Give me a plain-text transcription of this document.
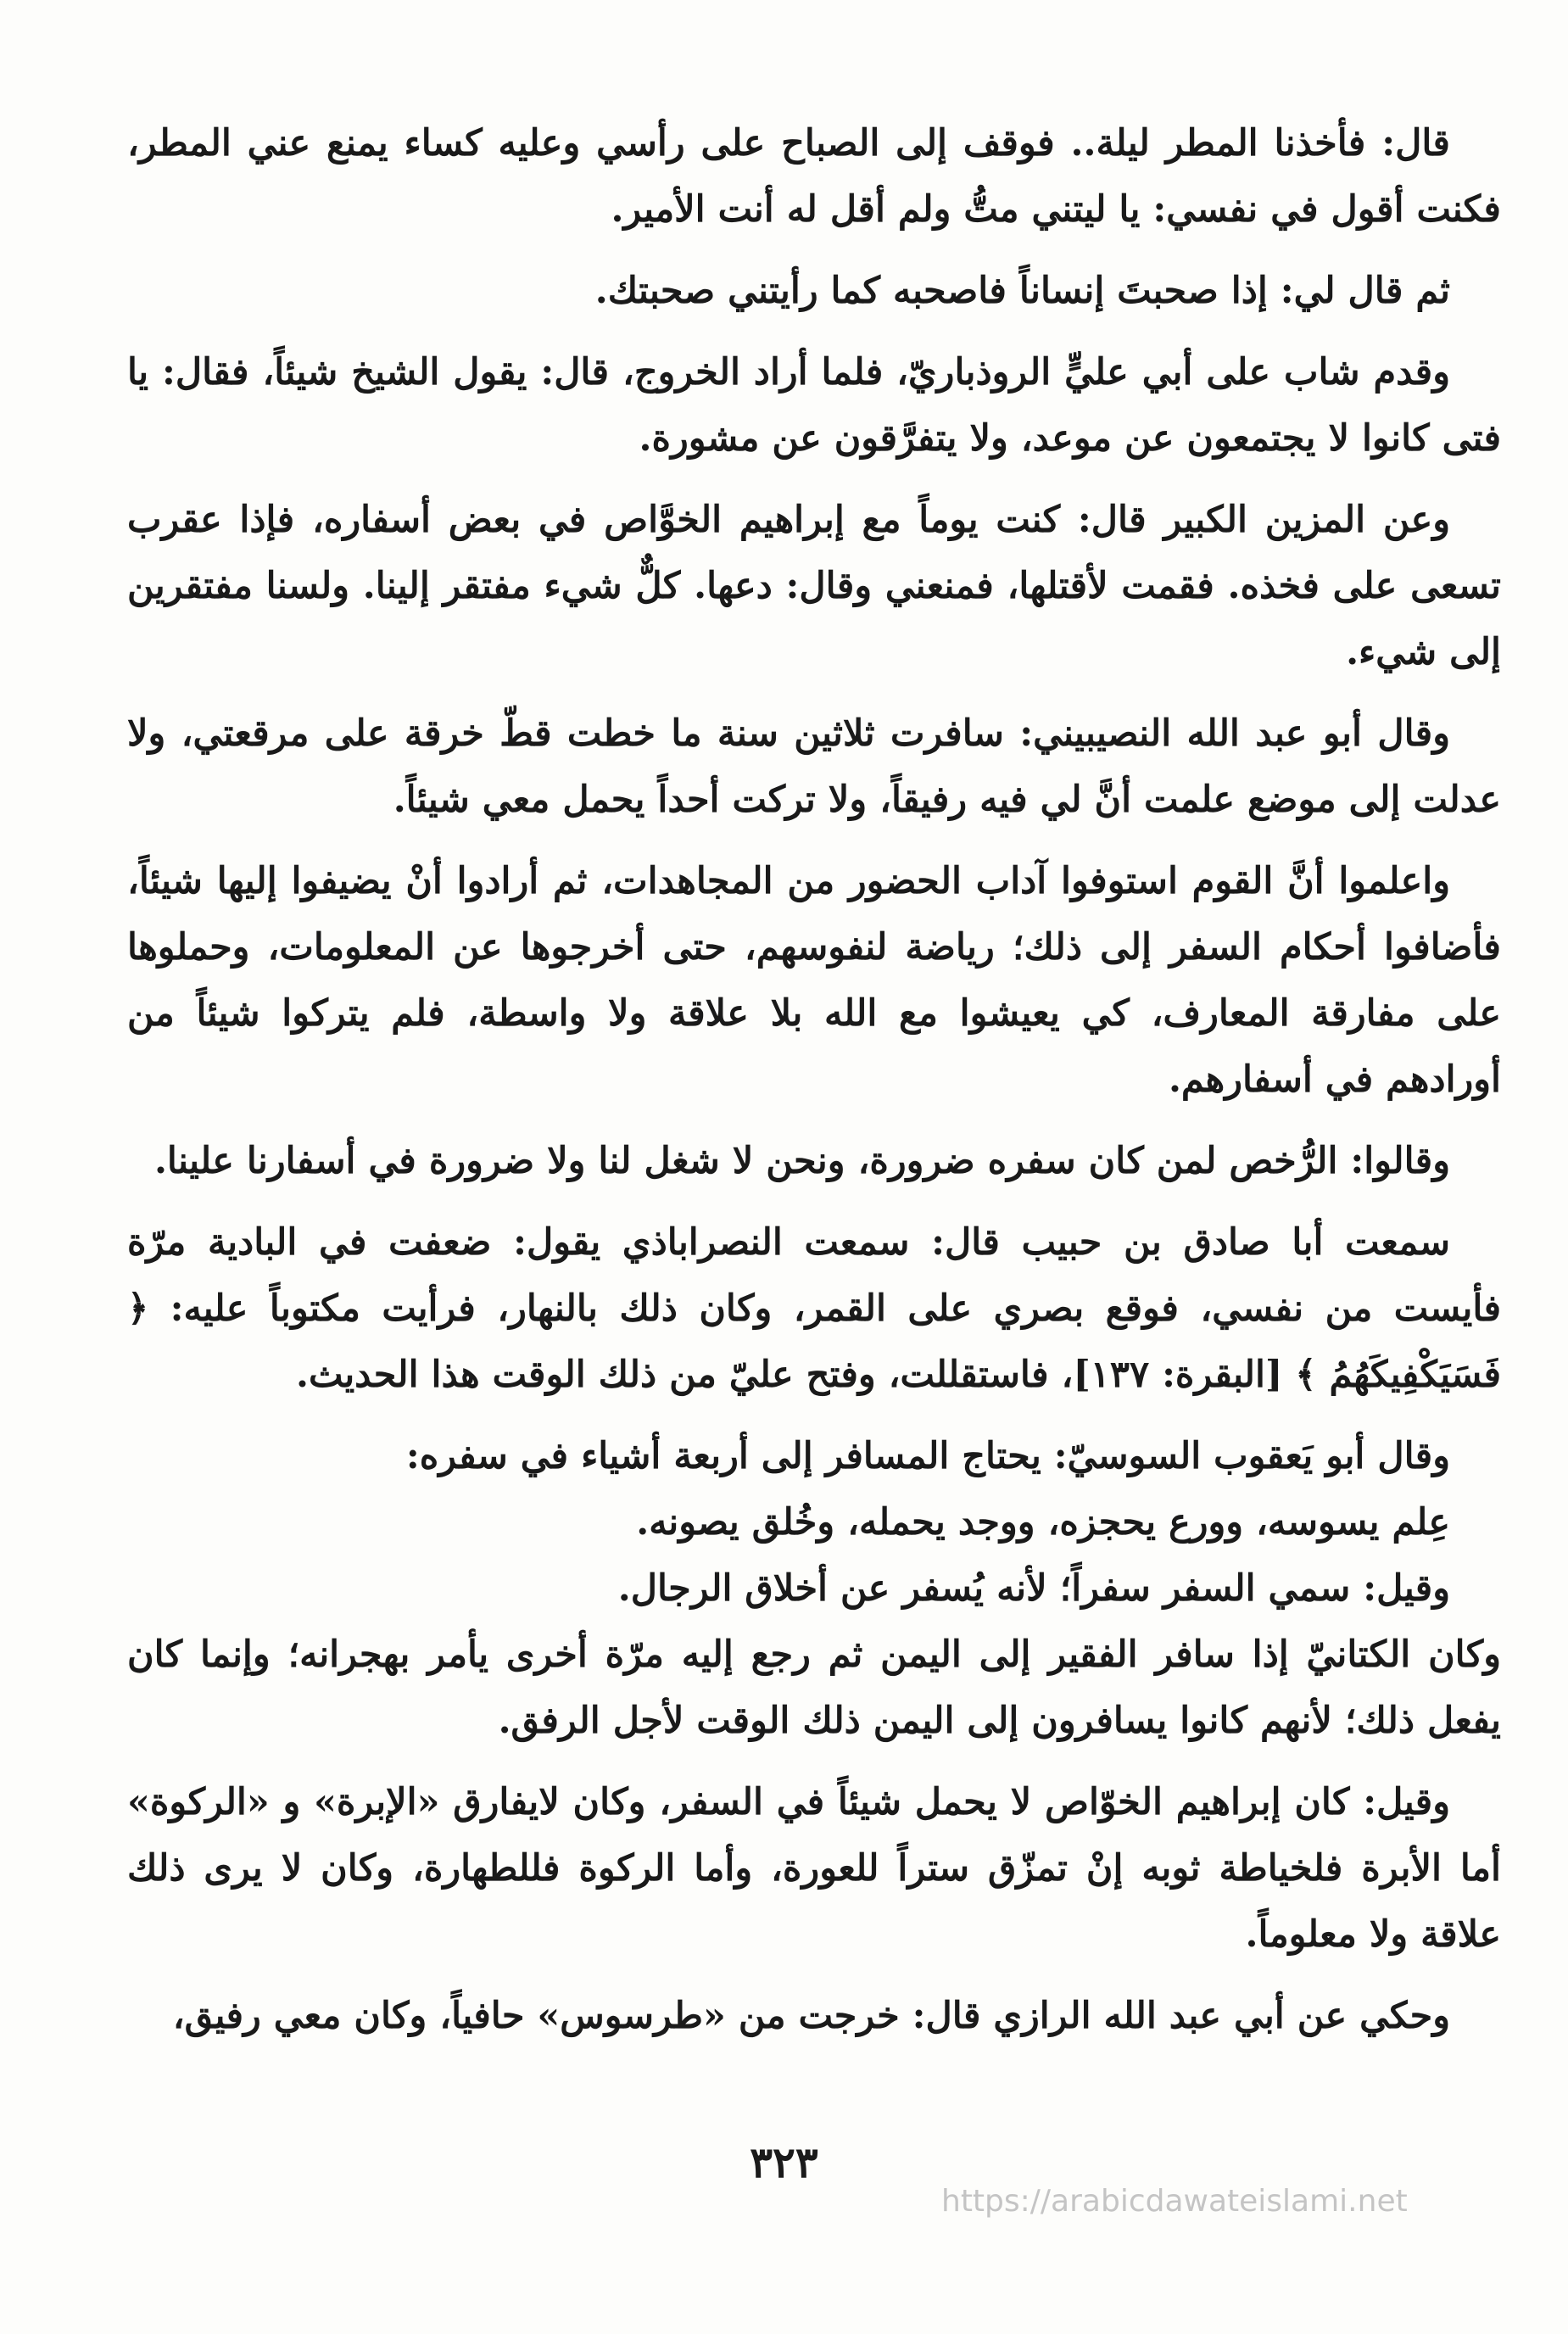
قال: فأخذنا المطر ليلة.. فوقف إلى الصباح على رأسي وعليه كساء يمنع عني المطر، فكنت أقول في نفسي: يا ليتني متُّ ولم أقل له أنت الأمير.

ثم قال لي: إذا صحبتَ إنساناً فاصحبه كما رأيتني صحبتك.

وقدم شاب على أبي عليٍّ الروذباريّ، فلما أراد الخروج، قال: يقول الشيخ شيئاً، فقال: يا فتى كانوا لا يجتمعون عن موعد، ولا يتفرَّقون عن مشورة.

وعن المزين الكبير قال: كنت يوماً مع إبراهيم الخوَّاص في بعض أسفاره، فإذا عقرب تسعى على فخذه. فقمت لأقتلها، فمنعني وقال: دعها. كلٌّ شيء مفتقر إلينا. ولسنا مفتقرين إلى شيء.

وقال أبو عبد الله النصيبيني: سافرت ثلاثين سنة ما خطت قطّ خرقة على مرقعتي، ولا عدلت إلى موضع علمت أنَّ لي فيه رفيقاً، ولا تركت أحداً يحمل معي شيئاً.

واعلموا أنَّ القوم استوفوا آداب الحضور من المجاهدات، ثم أرادوا أنْ يضيفوا إليها شيئاً، فأضافوا أحكام السفر إلى ذلك؛ رياضة لنفوسهم، حتى أخرجوها عن المعلومات، وحملوها على مفارقة المعارف، كي يعيشوا مع الله بلا علاقة ولا واسطة، فلم يتركوا شيئاً من أورادهم في أسفارهم.

وقالوا: الرُّخص لمن كان سفره ضرورة، ونحن لا شغل لنا ولا ضرورة في أسفارنا علينا.

سمعت أبا صادق بن حبيب قال: سمعت النصراباذي يقول: ضعفت في البادية مرّة فأيست من نفسي، فوقع بصري على القمر، وكان ذلك بالنهار، فرأيت مكتوباً عليه: ﴿ فَسَيَكْفِيكَهُمُ ﴾ [البقرة: ١٣٧]، فاستقللت، وفتح عليّ من ذلك الوقت هذا الحديث.

وقال أبو يَعقوب السوسيّ: يحتاج المسافر إلى أربعة أشياء في سفره:

عِلم يسوسه، وورع يحجزه، ووجد يحمله، وخُلق يصونه.

وقيل: سمي السفر سفراً؛ لأنه يُسفر عن أخلاق الرجال.

وكان الكتانيّ إذا سافر الفقير إلى اليمن ثم رجع إليه مرّة أخرى يأمر بهجرانه؛ وإنما كان يفعل ذلك؛ لأنهم كانوا يسافرون إلى اليمن ذلك الوقت لأجل الرفق.

وقيل: كان إبراهيم الخوّاص لا يحمل شيئاً في السفر، وكان لايفارق «الإبرة» و «الركوة» أما الأبرة فلخياطة ثوبه إنْ تمزّق ستراً للعورة، وأما الركوة فللطهارة، وكان لا يرى ذلك علاقة ولا معلوماً.

وحكي عن أبي عبد الله الرازي قال: خرجت من «طرسوس» حافياً، وكان معي رفيق،

٣٢٣
https://arabicdawateislami.net
